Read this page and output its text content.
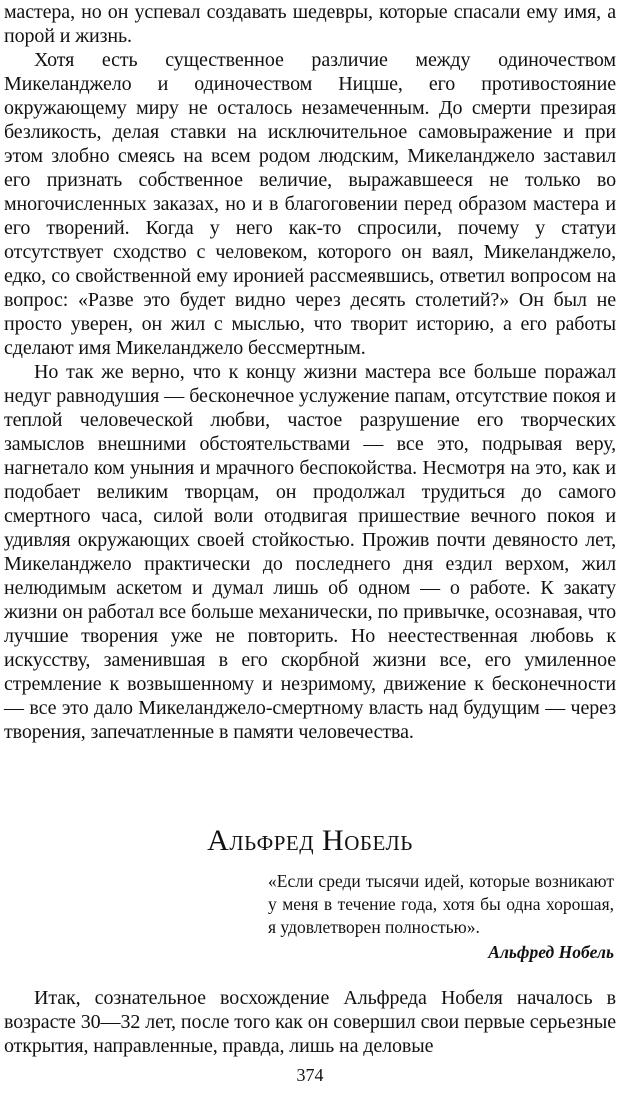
мастера, но он успевал создавать шедевры, которые спасали ему имя, а порой и жизнь.

Хотя есть существенное различие между одиночеством Микеланджело и одиночеством Ницше, его противостояние окружающему миру не осталось незамеченным. До смерти презирая безликость, делая ставки на исключительное самовыражение и при этом злобно смеясь на всем родом людским, Микеланджело заставил его признать собственное величие, выражавшееся не только во многочисленных заказах, но и в благоговении перед образом мастера и его творений. Когда у него как-то спросили, почему у статуи отсутствует сходство с человеком, которого он ваял, Микеланджело, едко, со свойственной ему иронией рассмеявшись, ответил вопросом на вопрос: «Разве это будет видно через десять столетий?» Он был не просто уверен, он жил с мыслью, что творит историю, а его работы сделают имя Микеланджело бессмертным.

Но так же верно, что к концу жизни мастера все больше поражал недуг равнодушия — бесконечное услужение папам, отсутствие покоя и теплой человеческой любви, частое разрушение его творческих замыслов внешними обстоятельствами — все это, подрывая веру, нагнетало ком уныния и мрачного беспокойства. Несмотря на это, как и подобает великим творцам, он продолжал трудиться до самого смертного часа, силой воли отодвигая пришествие вечного покоя и удивляя окружающих своей стойкостью. Прожив почти девяносто лет, Микеланджело практически до последнего дня ездил верхом, жил нелюдимым аскетом и думал лишь об одном — о работе. К закату жизни он работал все больше механически, по привычке, осознавая, что лучшие творения уже не повторить. Но неестественная любовь к искусству, заменившая в его скорбной жизни все, его умиленное стремление к возвышенному и незримому, движение к бесконечности — все это дало Микеланджело-смертному власть над будущим — через творения, запечатленные в памяти человечества.

Альфред Нобель

«Если среди тысячи идей, которые возникают у меня в течение года, хотя бы одна хорошая, я удовлетворен полностью».

Альфред Нобель

Итак, сознательное восхождение Альфреда Нобеля началось в возрасте 30—32 лет, после того как он совершил свои первые серьезные открытия, направленные, правда, лишь на деловые

374
